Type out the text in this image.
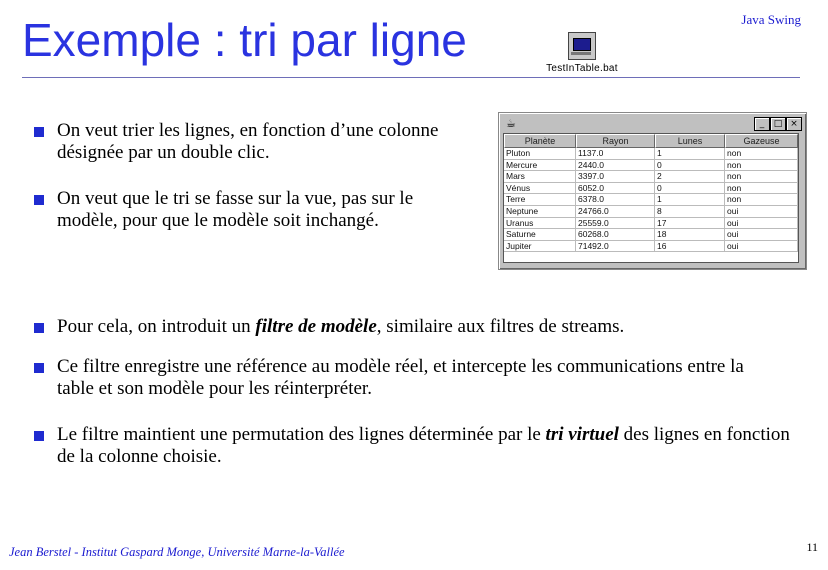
Exemple : tri par ligne	Java Swing
TestInTable.bat
On veut trier les lignes, en fonction d’une colonne désignée par un double clic.
On veut que le tri se fasse sur la vue, pas sur le modèle, pour que le modèle soit inchangé.
☕	_	□ ×
Planète	Rayon	Lunes	Gazeuse
Pluton	1137.0	1	non
Mercure	2440.0	0	non
Mars	3397.0	2	non
Vénus	6052.0	0	non
Terre	6378.0	1	non
Neptune	24766.0	8	oui
Uranus	25559.0	17	oui
Saturne	60268.0	18	oui
Jupiter	71492.0	16	oui
Pour cela, on introduit un filtre de modèle, similaire aux filtres de streams.
Ce filtre enregistre une référence au modèle réel, et intercepte les communications entre la table et son modèle pour les réinterpréter.
Le filtre maintient une permutation des lignes déterminée par le tri virtuel des lignes en fonction de la colonne choisie.
Jean Berstel - Institut Gaspard Monge, Université Marne-la-Vallée	11
